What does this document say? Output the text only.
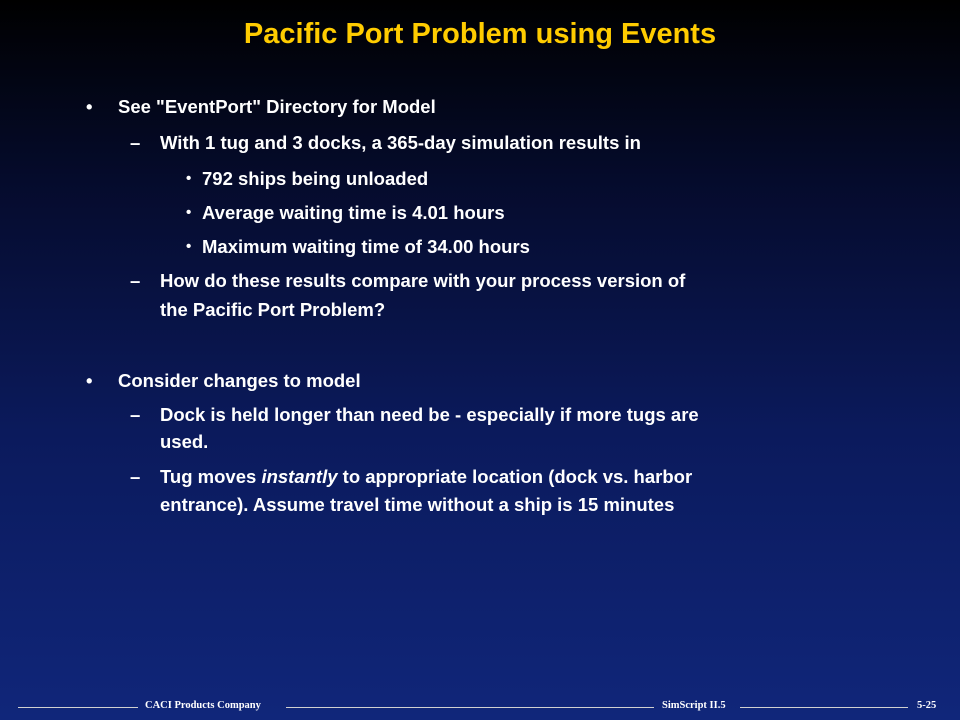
Pacific Port Problem using Events
• See "EventPort" Directory for Model
– With 1 tug and 3 docks, a 365-day simulation results in
• 792 ships being unloaded
• Average waiting time is 4.01 hours
• Maximum waiting time of 34.00 hours
– How do these results compare with your process version of
the Pacific Port Problem?
• Consider changes to model
– Dock is held longer than need be - especially if more tugs are
used.
– Tug moves instantly to appropriate location (dock vs. harbor
entrance). Assume travel time without a ship is 15 minutes
CACI Products Company	SimScript II.5	5-25
